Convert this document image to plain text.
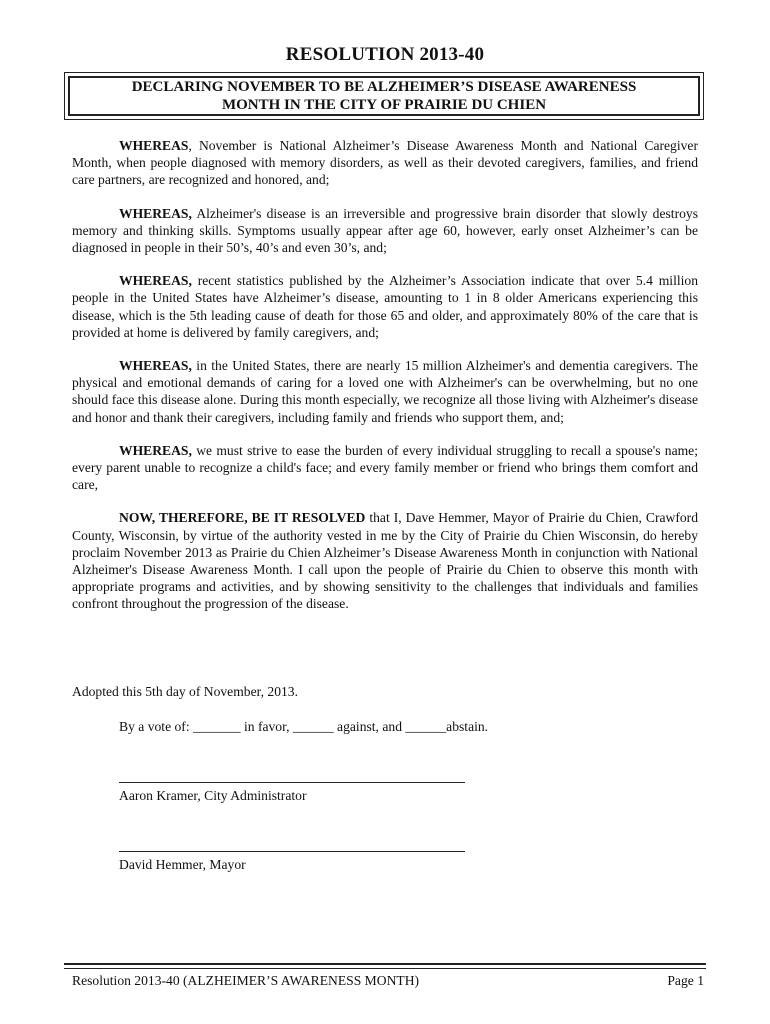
RESOLUTION 2013-40
DECLARING NOVEMBER TO BE ALZHEIMER’S DISEASE AWARENESS
MONTH IN THE CITY OF PRAIRIE DU CHIEN

WHEREAS, November is National Alzheimer’s Disease Awareness Month and National Caregiver Month, when people diagnosed with memory disorders, as well as their devoted caregivers, families, and friend care partners, are recognized and honored, and;

WHEREAS, Alzheimer's disease is an irreversible and progressive brain disorder that slowly destroys memory and thinking skills. Symptoms usually appear after age 60, however, early onset Alzheimer’s can be diagnosed in people in their 50’s, 40’s and even 30’s, and;

WHEREAS, recent statistics published by the Alzheimer’s Association indicate that over 5.4 million people in the United States have Alzheimer’s disease, amounting to 1 in 8 older Americans experiencing this disease, which is the 5th leading cause of death for those 65 and older, and approximately 80% of the care that is provided at home is delivered by family caregivers, and;

WHEREAS, in the United States, there are nearly 15 million Alzheimer's and dementia caregivers. The physical and emotional demands of caring for a loved one with Alzheimer's can be overwhelming, but no one should face this disease alone. During this month especially, we recognize all those living with Alzheimer's disease and honor and thank their caregivers, including family and friends who support them, and;

WHEREAS, we must strive to ease the burden of every individual struggling to recall a spouse's name; every parent unable to recognize a child's face; and every family member or friend who brings them comfort and care,

NOW, THEREFORE, BE IT RESOLVED that I, Dave Hemmer, Mayor of Prairie du Chien, Crawford County, Wisconsin, by virtue of the authority vested in me by the City of Prairie du Chien Wisconsin, do hereby proclaim November 2013 as Prairie du Chien Alzheimer’s Disease Awareness Month in conjunction with National Alzheimer's Disease Awareness Month. I call upon the people of Prairie du Chien to observe this month with appropriate programs and activities, and by showing sensitivity to the challenges that individuals and families confront throughout the progression of the disease.

Adopted this 5th day of November, 2013.
By a vote of: _______ in favor, ______ against, and ______abstain.
Aaron Kramer, City Administrator
David Hemmer, Mayor
Resolution 2013-40 (ALZHEIMER’S AWARENESS MONTH)	Page 1
